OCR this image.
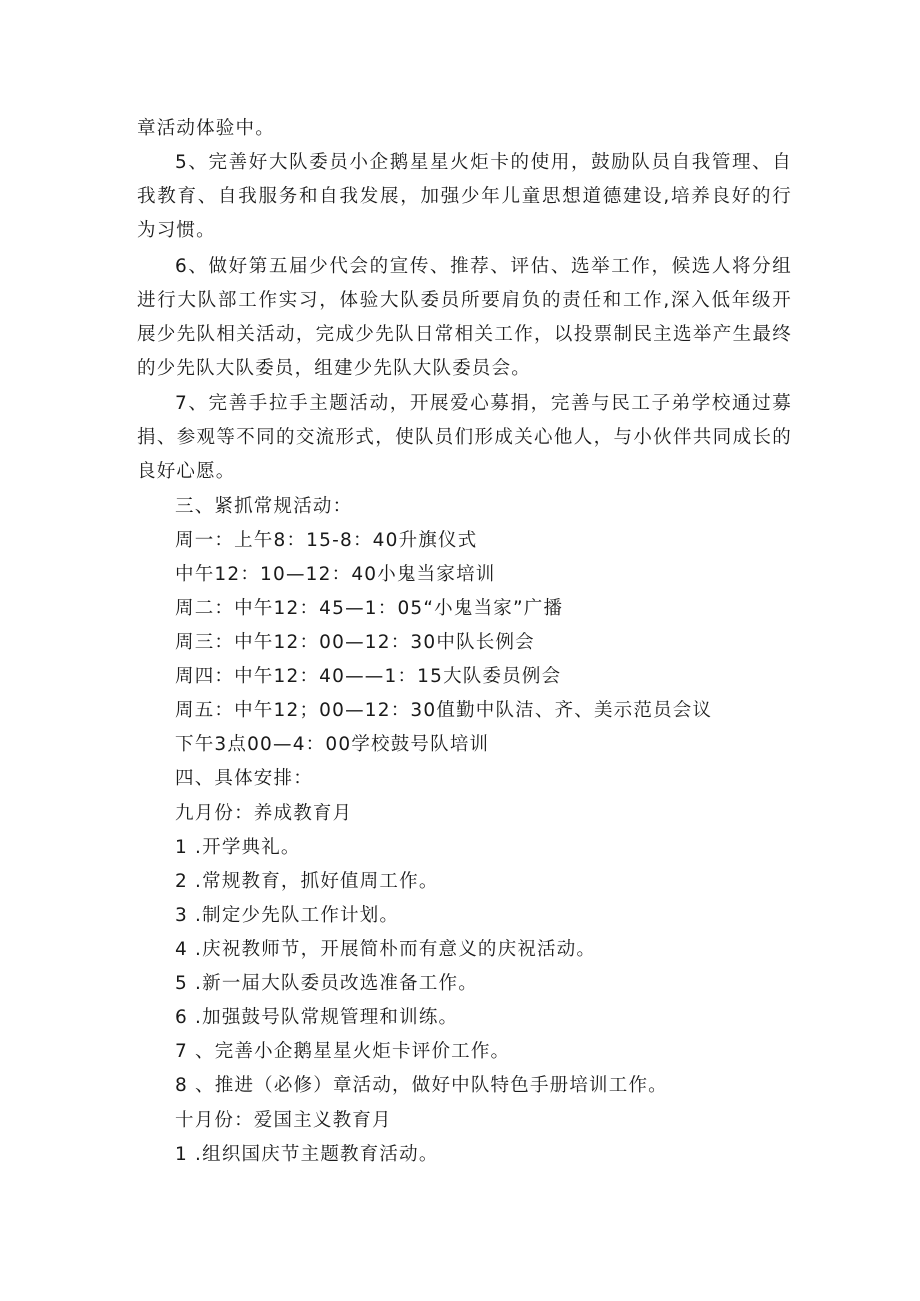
章活动体验中。

5、完善好大队委员小企鹅星星火炬卡的使用，鼓励队员自我管理、自我教育、自我服务和自我发展，加强少年儿童思想道德建设,培养良好的行为习惯。

6、做好第五届少代会的宣传、推荐、评估、选举工作，候选人将分组进行大队部工作实习，体验大队委员所要肩负的责任和工作,深入低年级开展少先队相关活动，完成少先队日常相关工作，以投票制民主选举产生最终的少先队大队委员，组建少先队大队委员会。

7、完善手拉手主题活动，开展爱心募捐，完善与民工子弟学校通过募捐、参观等不同的交流形式，使队员们形成关心他人，与小伙伴共同成长的良好心愿。

三、紧抓常规活动：

周一：上午8：15-8：40升旗仪式

中午12：10—12：40小鬼当家培训

周二：中午12：45—1：05“小鬼当家”广播

周三：中午12：00—12：30中队长例会

周四：中午12：40——1：15大队委员例会

周五：中午12；00—12：30值勤中队洁、齐、美示范员会议

下午3点00—4：00学校鼓号队培训

四、具体安排：

九月份：养成教育月

1 .开学典礼。

2 .常规教育，抓好值周工作。

3 .制定少先队工作计划。

4 .庆祝教师节，开展简朴而有意义的庆祝活动。

5 .新一届大队委员改选准备工作。

6 .加强鼓号队常规管理和训练。

7 、完善小企鹅星星火炬卡评价工作。

8 、推进（必修）章活动，做好中队特色手册培训工作。

十月份：爱国主义教育月

1 .组织国庆节主题教育活动。
